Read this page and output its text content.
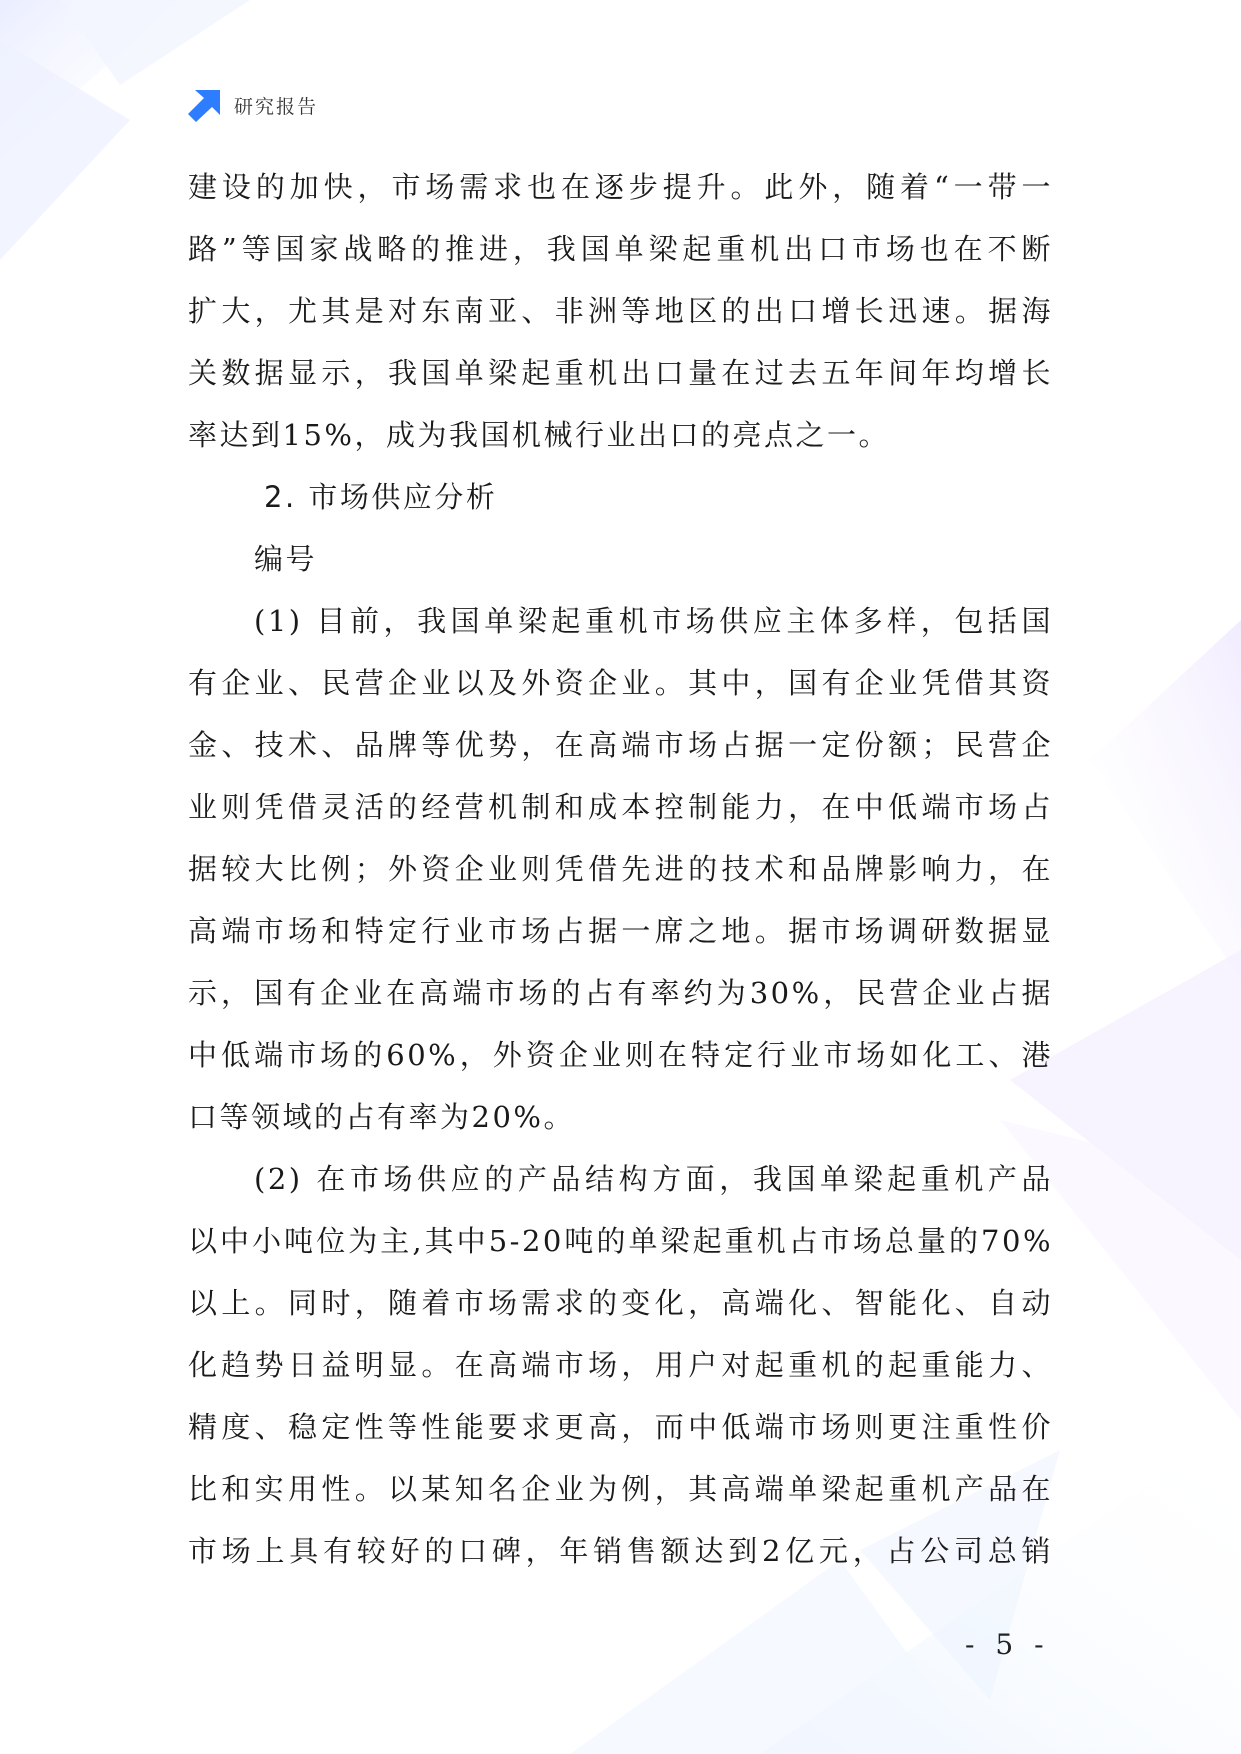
研究报告
建设的加快，市场需求也在逐步提升。此外，随着“一带一
路”等国家战略的推进，我国单梁起重机出口市场也在不断
扩大，尤其是对东南亚、非洲等地区的出口增长迅速。据海
关数据显示，我国单梁起重机出口量在过去五年间年均增长
率达到15%，成为我国机械行业出口的亮点之一。
2. 市场供应分析
编号
(1) 目前，我国单梁起重机市场供应主体多样，包括国
有企业、民营企业以及外资企业。其中，国有企业凭借其资
金、技术、品牌等优势，在高端市场占据一定份额；民营企
业则凭借灵活的经营机制和成本控制能力，在中低端市场占
据较大比例；外资企业则凭借先进的技术和品牌影响力，在
高端市场和特定行业市场占据一席之地。据市场调研数据显
示，国有企业在高端市场的占有率约为30%，民营企业占据
中低端市场的60%，外资企业则在特定行业市场如化工、港
口等领域的占有率为20%。
(2) 在市场供应的产品结构方面，我国单梁起重机产品
以中小吨位为主,其中5-20吨的单梁起重机占市场总量的70%
以上。同时，随着市场需求的变化，高端化、智能化、自动
化趋势日益明显。在高端市场，用户对起重机的起重能力、
精度、稳定性等性能要求更高，而中低端市场则更注重性价
比和实用性。以某知名企业为例，其高端单梁起重机产品在
市场上具有较好的口碑，年销售额达到2亿元，占公司总销
- 5 -
